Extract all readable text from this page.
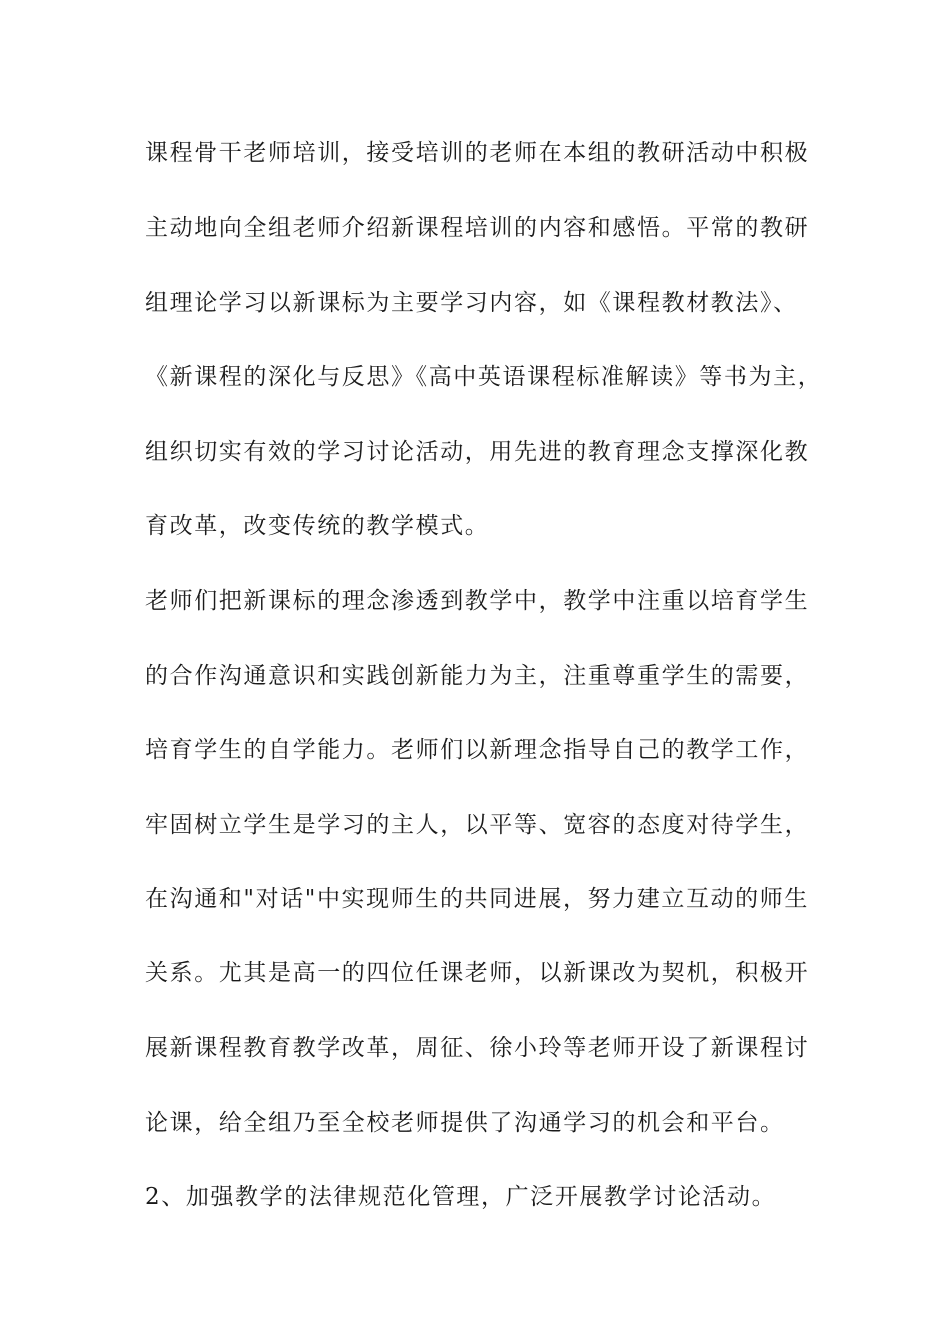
课程骨干老师培训，接受培训的老师在本组的教研活动中积极
主动地向全组老师介绍新课程培训的内容和感悟。平常的教研
组理论学习以新课标为主要学习内容，如《课程教材教法》、
《新课程的深化与反思》《高中英语课程标准解读》等书为主，
组织切实有效的学习讨论活动，用先进的教育理念支撑深化教
育改革，改变传统的教学模式。
老师们把新课标的理念渗透到教学中，教学中注重以培育学生
的合作沟通意识和实践创新能力为主，注重尊重学生的需要，
培育学生的自学能力。老师们以新理念指导自己的教学工作，
牢固树立学生是学习的主人，以平等、宽容的态度对待学生，
在沟通和"对话"中实现师生的共同进展，努力建立互动的师生
关系。尤其是高一的四位任课老师，以新课改为契机，积极开
展新课程教育教学改革，周征、徐小玲等老师开设了新课程讨
论课，给全组乃至全校老师提供了沟通学习的机会和平台。
2、加强教学的法律规范化管理，广泛开展教学讨论活动。
